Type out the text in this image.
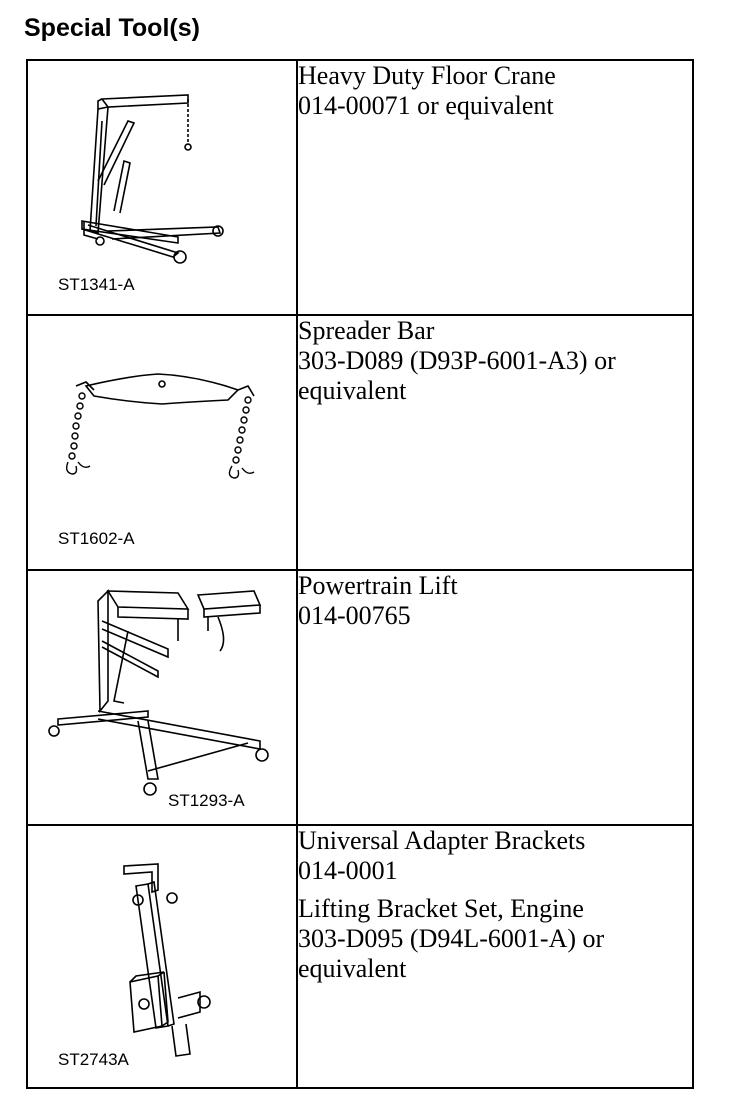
Special Tool(s)
ST1341-A	Heavy Duty Floor Crane
014-00071 or equivalent

ST1602-A	Spreader Bar
303-D089 (D93P-6001-A3) or
equivalent

ST1293-A	Powertrain Lift
014-00765

ST2743A	Universal Adapter Brackets
014-0001
Lifting Bracket Set, Engine
303-D095 (D94L-6001-A) or
equivalent
